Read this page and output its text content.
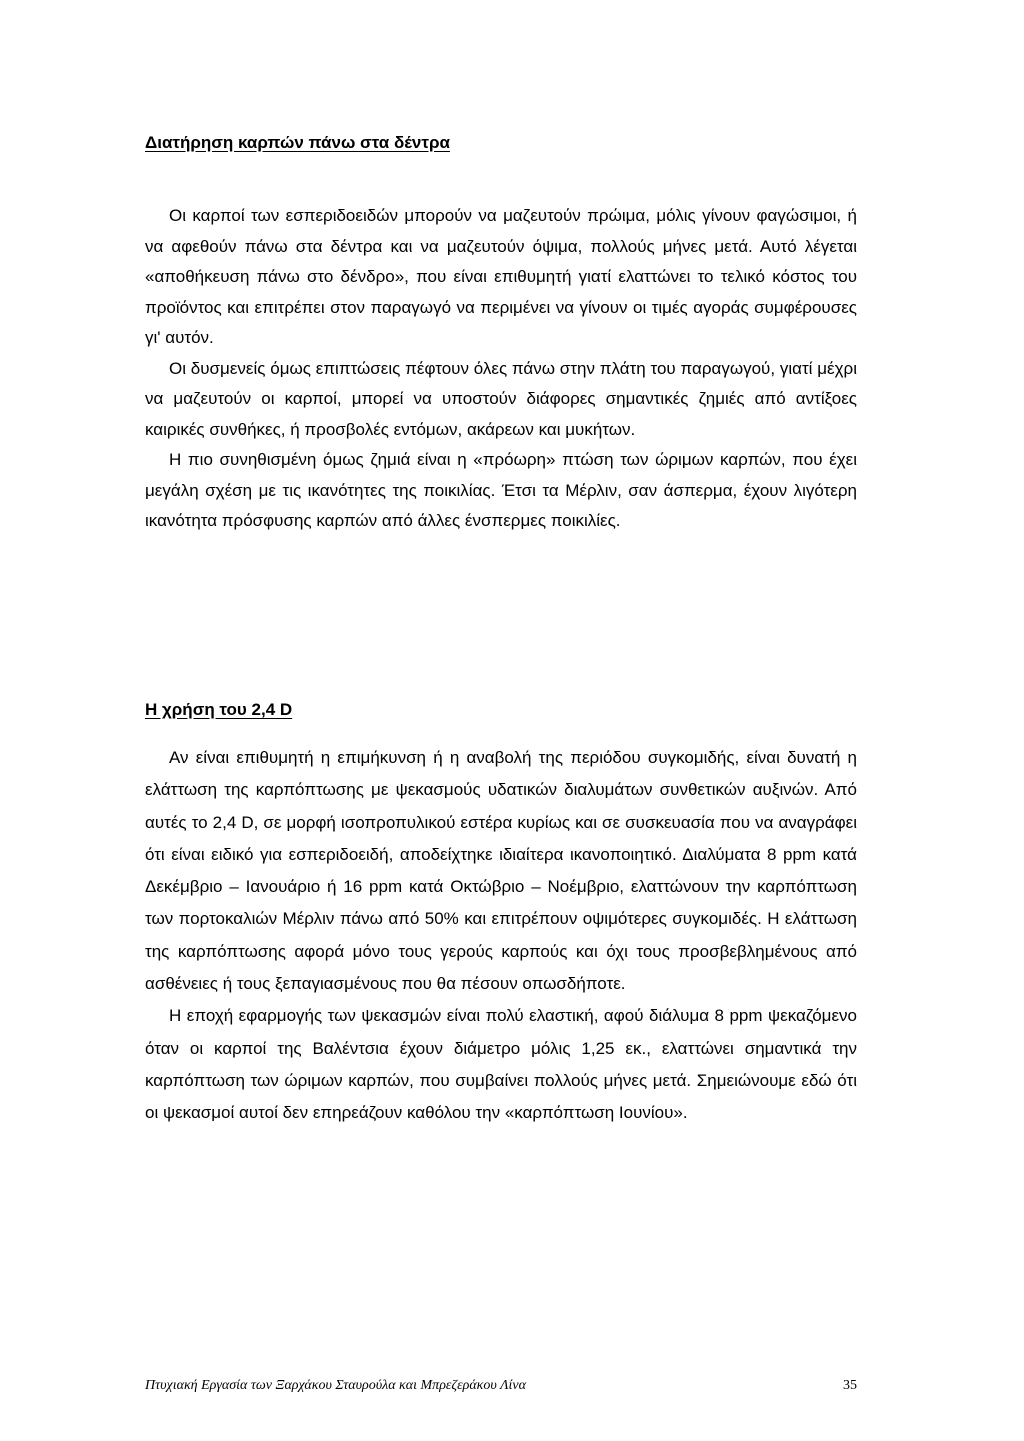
Διατήρηση καρπών πάνω στα δέντρα

Οι καρποί των εσπεριδοειδών μπορούν να μαζευτούν πρώιμα, μόλις γίνουν φαγώσιμοι, ή να αφεθούν πάνω στα δέντρα και να μαζευτούν όψιμα, πολλούς μήνες μετά. Αυτό λέγεται «αποθήκευση πάνω στο δένδρο», που είναι επιθυμητή γιατί ελαττώνει το τελικό κόστος του προϊόντος και επιτρέπει στον παραγωγό να περιμένει να γίνουν οι τιμές αγοράς συμφέρουσες γι' αυτόν.

Οι δυσμενείς όμως επιπτώσεις πέφτουν όλες πάνω στην πλάτη του παραγωγού, γιατί μέχρι να μαζευτούν οι καρποί, μπορεί να υποστούν διάφορες σημαντικές ζημιές από αντίξοες καιρικές συνθήκες, ή προσβολές εντόμων, ακάρεων και μυκήτων.

Η πιο συνηθισμένη όμως ζημιά είναι η «πρόωρη» πτώση των ώριμων καρπών, που έχει μεγάλη σχέση με τις ικανότητες της ποικιλίας. Έτσι τα Μέρλιν, σαν άσπερμα, έχουν λιγότερη ικανότητα πρόσφυσης καρπών από άλλες ένσπερμες ποικιλίες.

Η χρήση του 2,4 D

Αν είναι επιθυμητή η επιμήκυνση ή η αναβολή της περιόδου συγκομιδής, είναι δυνατή η ελάττωση της καρπόπτωσης με ψεκασμούς υδατικών διαλυμάτων συνθετικών αυξινών. Από αυτές το 2,4 D, σε μορφή ισοπροπυλικού εστέρα κυρίως και σε συσκευασία που να αναγράφει ότι είναι ειδικό για εσπεριδοειδή, αποδείχτηκε ιδιαίτερα ικανοποιητικό. Διαλύματα 8 ppm κατά Δεκέμβριο – Ιανουάριο ή 16 ppm κατά Οκτώβριο – Νοέμβριο, ελαττώνουν την καρπόπτωση των πορτοκαλιών Μέρλιν πάνω από 50% και επιτρέπουν οψιμότερες συγκομιδές. Η ελάττωση της καρπόπτωσης αφορά μόνο τους γερούς καρπούς και όχι τους προσβεβλημένους από ασθένειες ή τους ξεπαγιασμένους που θα πέσουν οπωσδήποτε.

Η εποχή εφαρμογής των ψεκασμών είναι πολύ ελαστική, αφού διάλυμα 8 ppm ψεκαζόμενο όταν οι καρποί της Βαλέντσια έχουν διάμετρο μόλις 1,25 εκ., ελαττώνει σημαντικά την καρπόπτωση των ώριμων καρπών, που συμβαίνει πολλούς μήνες μετά. Σημειώνουμε εδώ ότι οι ψεκασμοί αυτοί δεν επηρεάζουν καθόλου την «καρπόπτωση Ιουνίου».

Πτυχιακή Εργασία των Ξαρχάκου Σταυρούλα και Μπρεζεράκου Λίνα	35
